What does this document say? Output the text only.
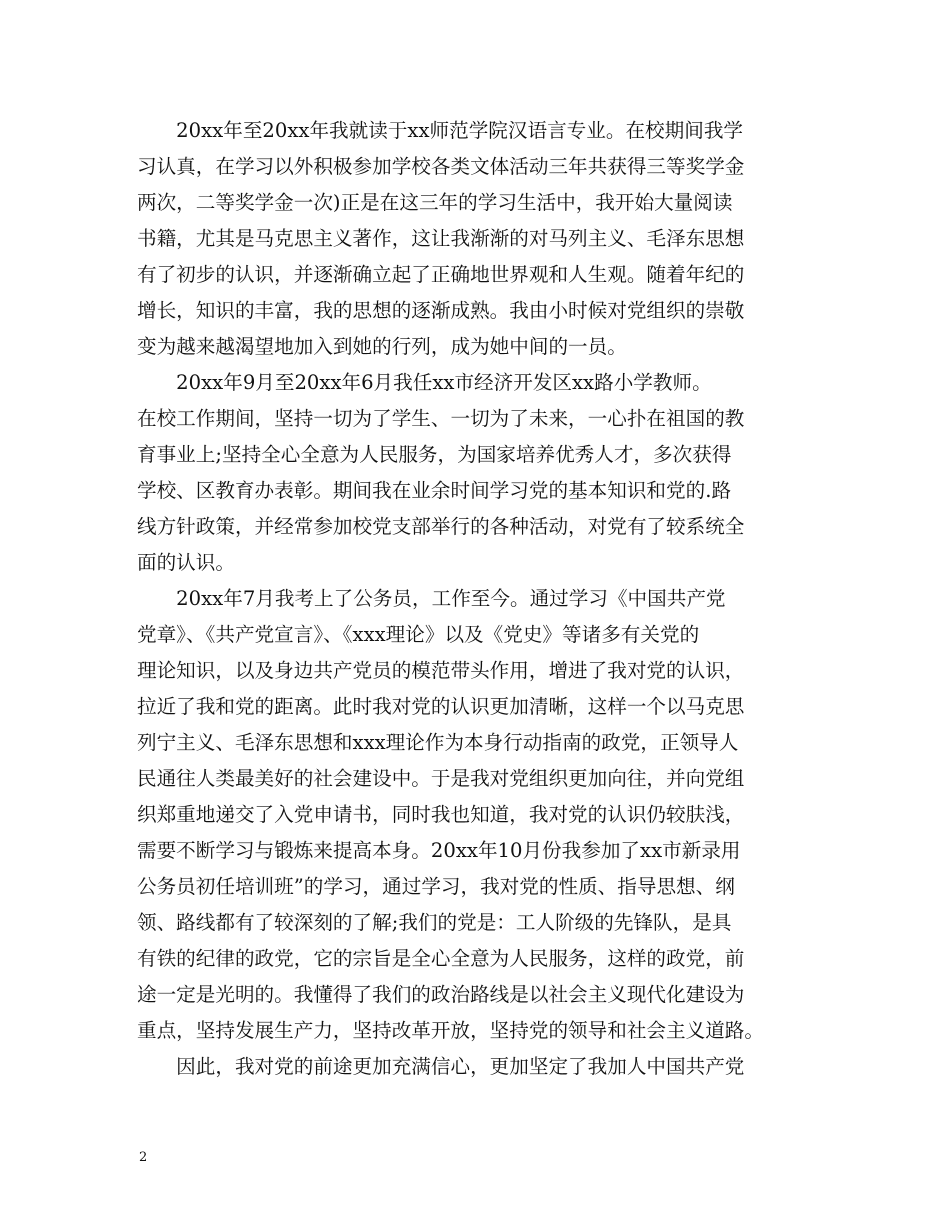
　　20xx年至20xx年我就读于xx师范学院汉语言专业。在校期间我学
习认真，在学习以外积极参加学校各类文体活动三年共获得三等奖学金
两次，二等奖学金一次)正是在这三年的学习生活中，我开始大量阅读
书籍，尤其是马克思主义著作，这让我渐渐的对马列主义、毛泽东思想
有了初步的认识，并逐渐确立起了正确地世界观和人生观。随着年纪的
增长，知识的丰富，我的思想的逐渐成熟。我由小时候对党组织的崇敬
变为越来越渴望地加入到她的行列，成为她中间的一员。
　　20xx年9月至20xx年6月我任xx市经济开发区xx路小学教师。
在校工作期间，坚持一切为了学生、一切为了未来，一心扑在祖国的教
育事业上;坚持全心全意为人民服务，为国家培养优秀人才，多次获得
学校、区教育办表彰。期间我在业余时间学习党的基本知识和党的.路
线方针政策，并经常参加校党支部举行的各种活动，对党有了较系统全
面的认识。
　　20xx年7月我考上了公务员，工作至今。通过学习《中国共产党
党章》、《共产党宣言》、《xxx理论》以及《党史》等诸多有关党的
理论知识，以及身边共产党员的模范带头作用，增进了我对党的认识，
拉近了我和党的距离。此时我对党的认识更加清晰，这样一个以马克思
列宁主义、毛泽东思想和xxx理论作为本身行动指南的政党，正领导人
民通往人类最美好的社会建设中。于是我对党组织更加向往，并向党组
织郑重地递交了入党申请书，同时我也知道，我对党的认识仍较肤浅，
需要不断学习与锻炼来提高本身。20xx年10月份我参加了xx市新录用
公务员初任培训班”的学习，通过学习，我对党的性质、指导思想、纲
领、路线都有了较深刻的了解;我们的党是：工人阶级的先锋队，是具
有铁的纪律的政党，它的宗旨是全心全意为人民服务，这样的政党，前
途一定是光明的。我懂得了我们的政治路线是以社会主义现代化建设为
重点，坚持发展生产力，坚持改革开放，坚持党的领导和社会主义道路。
　　因此，我对党的前途更加充满信心，更加坚定了我加人中国共产党
2
